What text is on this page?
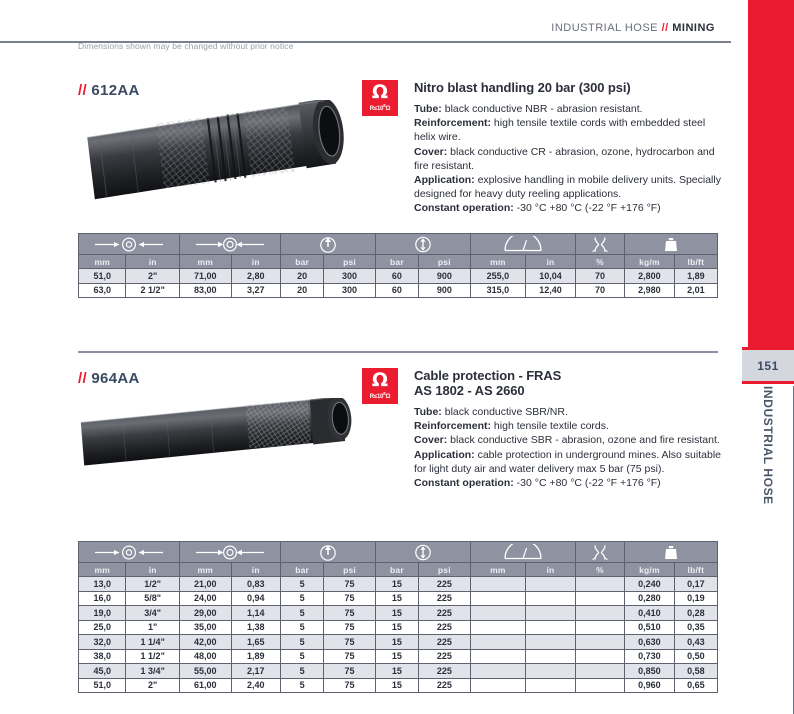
151
INDUSTRIAL HOSE
INDUSTRIAL HOSE // MINING
Dimensions shown may be changed without prior notice
// 612AA	Ω
$R\le 10^6\Omega$
Nitro blast handling 20 bar (300 psi)

Tube: black conductive NBR - abrasion resistant.

Reinforcement: high tensile textile cords with embedded steel helix wire.

Cover: black conductive CR - abrasion, ozone, hydrocarbon and fire resistant.

Application: explosive handling in mobile delivery units. Specially designed for heavy duty reeling applications.

Constant operation: -30 °C +80 °C (-22 °F +176 °F)

mm	in	mm	in	bar	psi	bar	psi	mm	in	%	kg/m	lb/ft
51,0	2"	71,00	2,80	20	300	60	900	255,0	10,04	70	2,800	1,89
63,0	2 1/2"	83,00	3,27	20	300	60	900	315,0	12,40	70	2,980	2,01
// 964AA	Ω
$R\le 10^6\Omega$
Cable protection - FRAS
AS 1802 - AS 2660

Tube: black conductive SBR/NR.

Reinforcement: high tensile textile cords.

Cover: black conductive SBR - abrasion, ozone and fire resistant.

Application: cable protection in underground mines. Also suitable for light duty air and water delivery max 5 bar (75 psi).

Constant operation: -30 °C +80 °C (-22 °F +176 °F)

mm	in	mm	in	bar	psi	bar	psi	mm	in	%	kg/m	lb/ft
13,0	1/2"	21,00	0,83	5	75	15	225				0,240	0,17
16,0	5/8"	24,00	0,94	5	75	15	225				0,280	0,19
19,0	3/4"	29,00	1,14	5	75	15	225				0,410	0,28
25,0	1"	35,00	1,38	5	75	15	225				0,510	0,35
32,0	1 1/4"	42,00	1,65	5	75	15	225				0,630	0,43
38,0	1 1/2"	48,00	1,89	5	75	15	225				0,730	0,50
45,0	1 3/4"	55,00	2,17	5	75	15	225				0,850	0,58
51,0	2"	61,00	2,40	5	75	15	225				0,960	0,65
